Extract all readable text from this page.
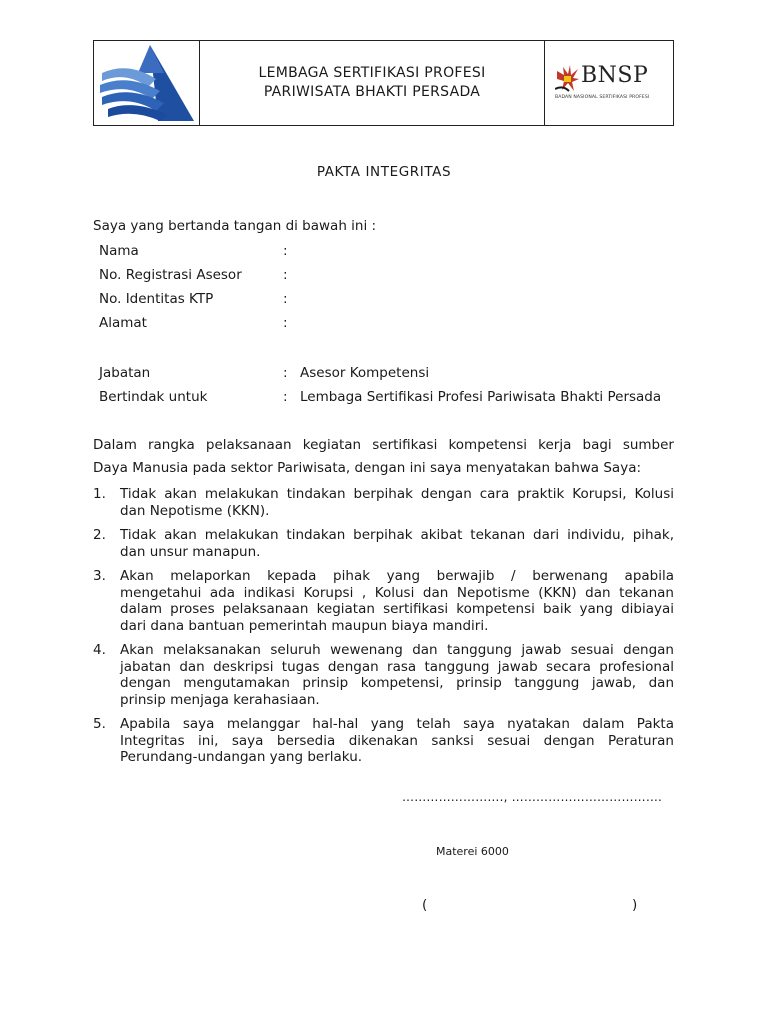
LEMBAGA SERTIFIKASI PROFESI
PARIWISATA BHAKTI PERSADA
BNSP
BADAN NASIONAL SERTIFIKASI PROFESI
PAKTA INTEGRITAS
Saya yang bertanda tangan di bawah ini :
Nama	:
No. Registrasi Asesor	:
No. Identitas KTP	:
Alamat	:
Jabatan	: Asesor Kompetensi
Bertindak untuk	: Lembaga Sertifikasi Profesi Pariwisata Bhakti Persada
Dalam rangka pelaksanaan kegiatan sertifikasi kompetensi kerja bagi sumber
Daya Manusia pada sektor Pariwisata, dengan ini saya menyatakan bahwa Saya:
1.	Tidak akan melakukan tindakan berpihak dengan cara praktik Korupsi, Kolusi
dan Nepotisme (KKN).
2.	Tidak akan melakukan tindakan berpihak akibat tekanan dari individu, pihak,
dan unsur manapun.
3.	Akan melaporkan kepada pihak yang berwajib / berwenang apabila
mengetahui ada indikasi Korupsi , Kolusi dan Nepotisme (KKN) dan tekanan
dalam proses pelaksanaan kegiatan sertifikasi kompetensi baik yang dibiayai
dari dana bantuan pemerintah maupun biaya mandiri.
4.	Akan melaksanakan seluruh wewenang dan tanggung jawab sesuai dengan
jabatan dan deskripsi tugas dengan rasa tanggung jawab secara profesional
dengan mengutamakan prinsip kompetensi, prinsip tanggung jawab, dan
prinsip menjaga kerahasiaan.
5.	Apabila saya melanggar hal-hal yang telah saya nyatakan dalam Pakta
Integritas ini, saya bersedia dikenakan sanksi sesuai dengan Peraturan
Perundang-undangan yang berlaku.
……………………., ……………………………….
Materei 6000
(	)
